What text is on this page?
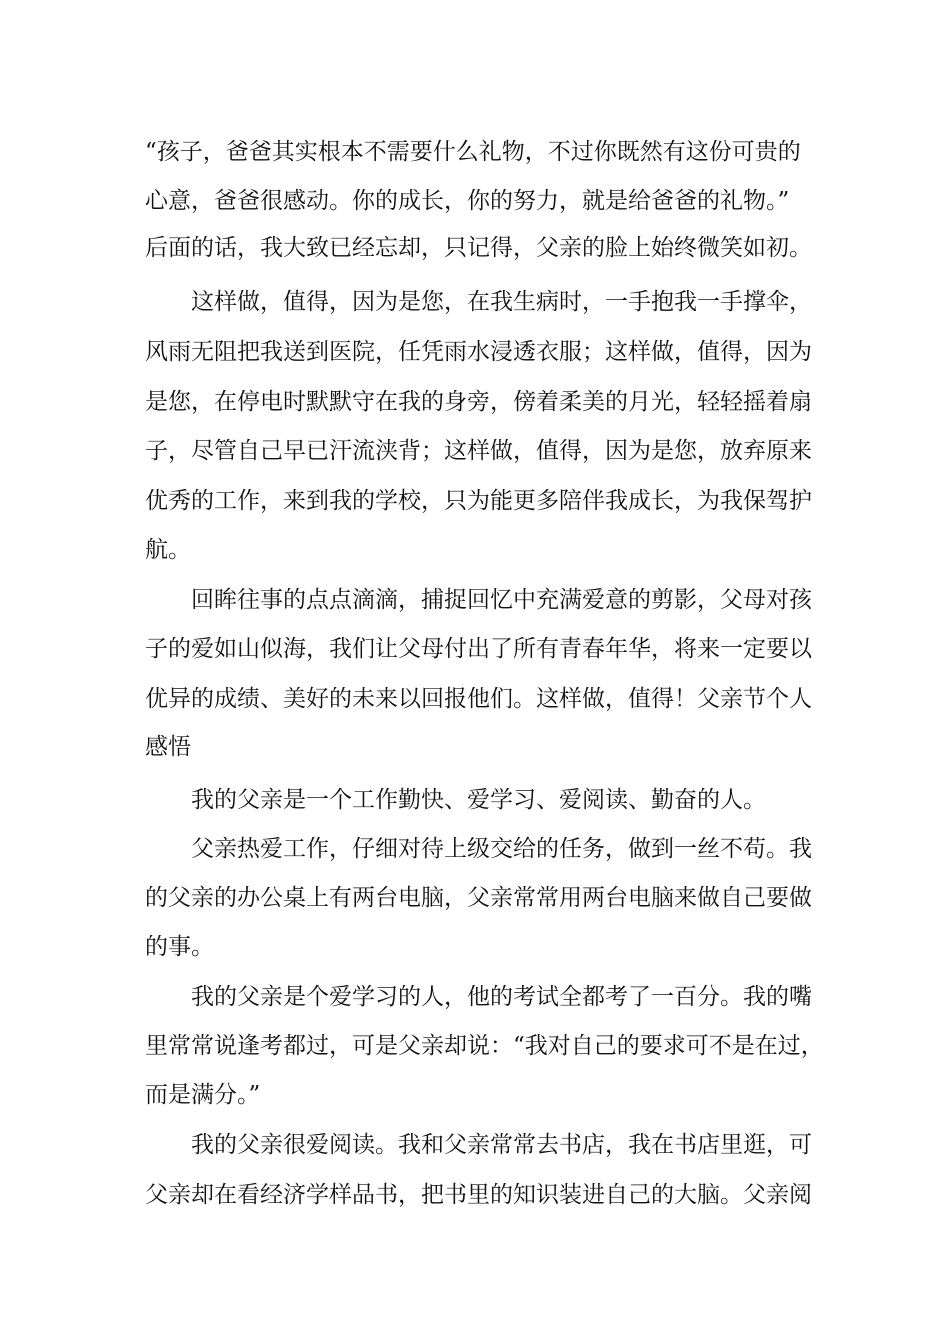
“孩子，爸爸其实根本不需要什么礼物，不过你既然有这份可贵的
心意，爸爸很感动。你的成长，你的努力，就是给爸爸的礼物。”
后面的话，我大致已经忘却，只记得，父亲的脸上始终微笑如初。
　　这样做，值得，因为是您，在我生病时，一手抱我一手撑伞，
风雨无阻把我送到医院，任凭雨水浸透衣服；这样做，值得，因为
是您，在停电时默默守在我的身旁，傍着柔美的月光，轻轻摇着扇
子，尽管自己早已汗流浃背；这样做，值得，因为是您，放弃原来
优秀的工作，来到我的学校，只为能更多陪伴我成长，为我保驾护
航。
　　回眸往事的点点滴滴，捕捉回忆中充满爱意的剪影，父母对孩
子的爱如山似海，我们让父母付出了所有青春年华，将来一定要以
优异的成绩、美好的未来以回报他们。这样做，值得！父亲节个人
感悟
　　我的父亲是一个工作勤快、爱学习、爱阅读、勤奋的人。
　　父亲热爱工作，仔细对待上级交给的任务，做到一丝不苟。我
的父亲的办公桌上有两台电脑，父亲常常用两台电脑来做自己要做
的事。
　　我的父亲是个爱学习的人，他的考试全都考了一百分。我的嘴
里常常说逢考都过，可是父亲却说：“我对自己的要求可不是在过，
而是满分。”
　　我的父亲很爱阅读。我和父亲常常去书店，我在书店里逛，可
父亲却在看经济学样品书，把书里的知识装进自己的大脑。父亲阅
